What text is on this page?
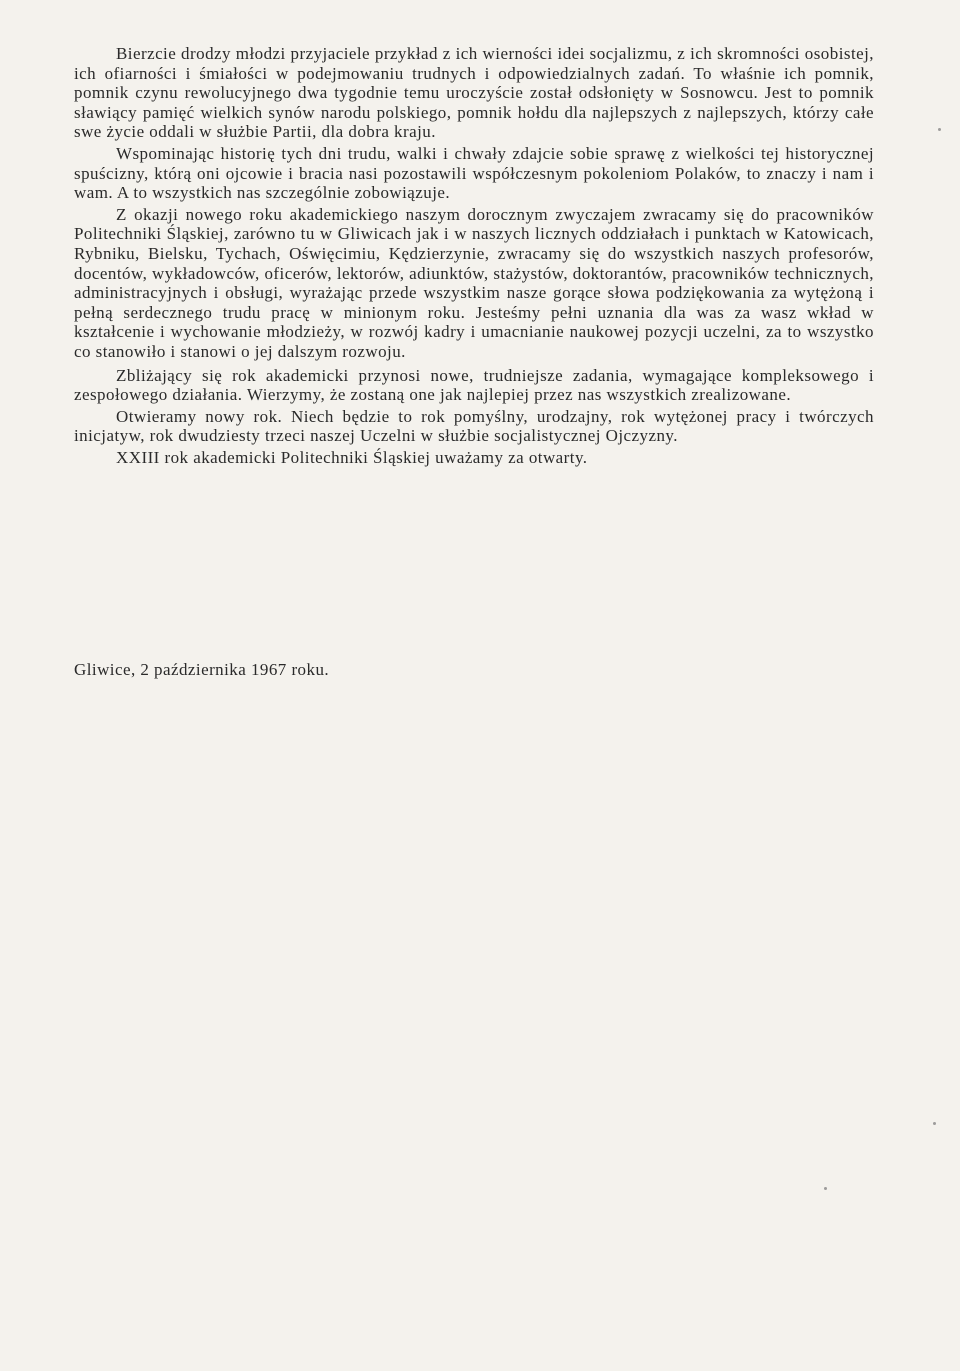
Bierzcie drodzy młodzi przyjaciele przykład z ich wierności idei socjalizmu, z ich skromności osobistej, ich ofiarności i śmiałości w podejmowaniu trudnych i odpowiedzialnych zadań. To właśnie ich pomnik, pomnik czynu rewolucyjnego dwa tygodnie temu uroczyście został odsłonięty w Sosnowcu. Jest to pomnik sławiący pamięć wielkich synów narodu polskiego, pomnik hołdu dla najlepszych z najlepszych, którzy całe swe życie oddali w służbie Partii, dla dobra kraju.

Wspominając historię tych dni trudu, walki i chwały zdajcie sobie sprawę z wielkości tej historycznej spuścizny, którą oni ojcowie i bracia nasi pozostawili współczesnym pokoleniom Polaków, to znaczy i nam i wam. A to wszystkich nas szczególnie zobowiązuje.

Z okazji nowego roku akademickiego naszym dorocznym zwyczajem zwracamy się do pracowników Politechniki Śląskiej, zarówno tu w Gliwicach jak i w naszych licznych oddziałach i punktach w Katowicach, Rybniku, Bielsku, Tychach, Oświęcimiu, Kędzierzynie, zwracamy się do wszystkich naszych profesorów, docentów, wykładowców, oficerów, lektorów, adiunktów, stażystów, doktorantów, pracowników technicznych, administracyjnych i obsługi, wyrażając przede wszystkim nasze gorące słowa podziękowania za wytężoną i pełną serdecznego trudu pracę w minionym roku. Jesteśmy pełni uznania dla was za wasz wkład w kształcenie i wychowanie młodzieży, w rozwój kadry i umacnianie naukowej pozycji uczelni, za to wszystko co stanowiło i stanowi o jej dalszym rozwoju.

Zbliżający się rok akademicki przynosi nowe, trudniejsze zadania, wymagające kompleksowego i zespołowego działania. Wierzymy, że zostaną one jak najlepiej przez nas wszystkich zrealizowane.

Otwieramy nowy rok. Niech będzie to rok pomyślny, urodzajny, rok wytężonej pracy i twórczych inicjatyw, rok dwudziesty trzeci naszej Uczelni w służbie socjalistycznej Ojczyzny.

XXIII rok akademicki Politechniki Śląskiej uważamy za otwarty.

Gliwice, 2 października 1967 roku.
